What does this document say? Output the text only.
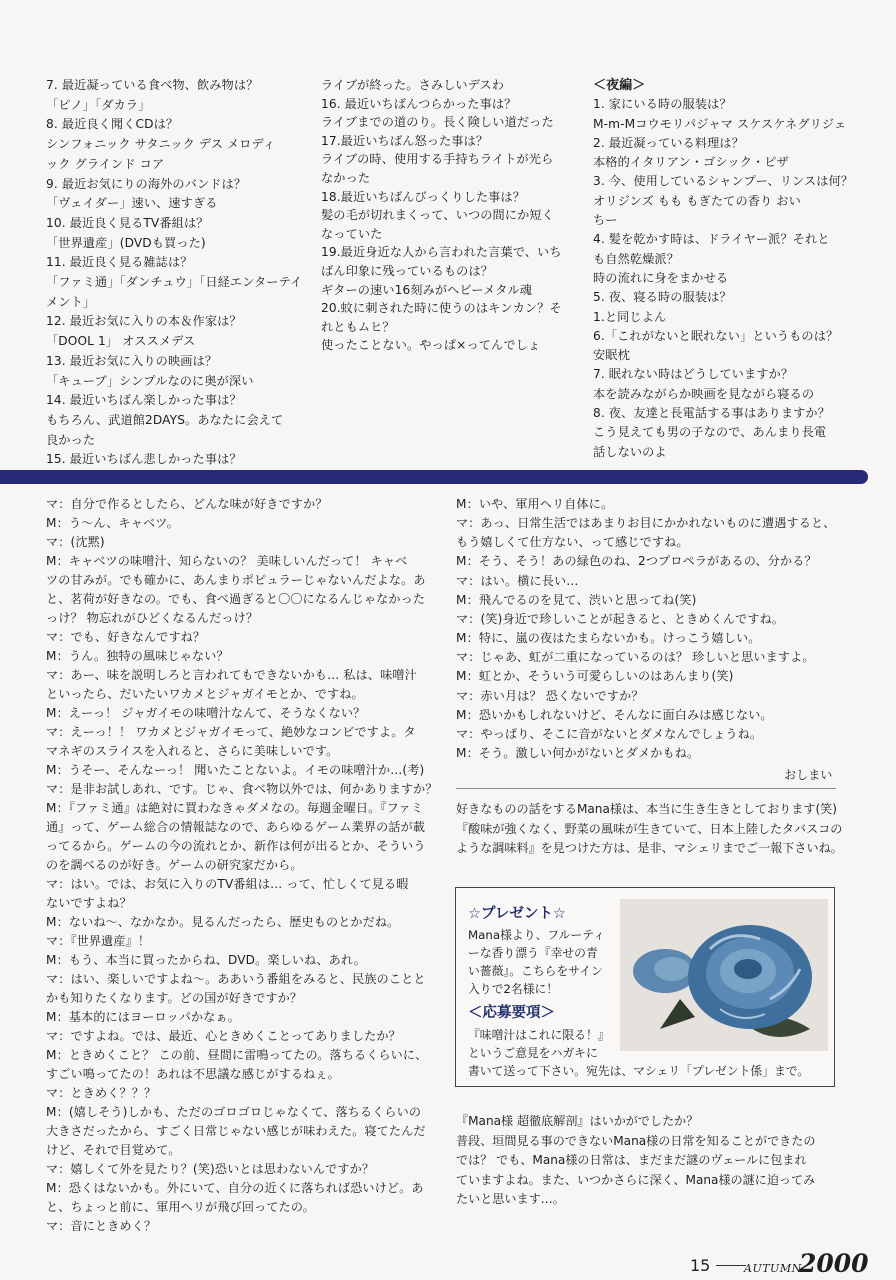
7. 最近凝っている食べ物、飲み物は？
「ピノ」「ダカラ」
8. 最近良く聞くCDは？
シンフォニック サタニック デス メロディ
ック グラインド コア
9. 最近お気にりの海外のバンドは？
「ヴェイダー」速い、速すぎる
10. 最近良く見るTV番組は？
「世界遺産」(DVDも買った)
11. 最近良く見る雑誌は？
「ファミ通」「ダンチュウ」「日経エンターテイ
メント」
12. 最近お気に入りの本＆作家は？
「DOOL 1」 オススメデス
13. 最近お気に入りの映画は？
「キューブ」シンプルなのに奥が深い
14. 最近いちばん楽しかった事は？
もちろん、武道館2DAYS。あなたに会えて
良かった
15. 最近いちばん悲しかった事は？
ライブが終った。さみしいデスわ
16. 最近いちばんつらかった事は？
ライブまでの道のり。長く険しい道だった
17.最近いちばん怒った事は？
ライブの時、使用する手持ちライトが光ら
なかった
18.最近いちばんびっくりした事は？
髪の毛が切れまくって、いつの間にか短く
なっていた
19.最近身近な人から言われた言葉で、いち
ばん印象に残っているものは？
ギターの速い16刻みがヘビーメタル魂
20.蚊に刺された時に使うのはキンカン？そ
れともムヒ？
使ったことない。やっぱ×ってんでしょ
＜夜編＞
1. 家にいる時の服装は？
M-m-Mコウモリパジャマ スケスケネグリジェ
2. 最近凝っている料理は？
本格的イタリアン・ゴシック・ピザ
3. 今、使用しているシャンプー、リンスは何？
オリジンズ もも もぎたての香り おい
ちー
4. 髪を乾かす時は、ドライヤー派？それと
も自然乾燥派？
時の流れに身をまかせる
5. 夜、寝る時の服装は？
1.と同じよん
6.「これがないと眠れない」というものは？
安眠枕
7. 眠れない時はどうしていますか？
本を読みながらか映画を見ながら寝るの
8. 夜、友達と長電話する事はありますか？
こう見えても男の子なので、あんまり長電
話しないのよ
マ：自分で作るとしたら、どんな味が好きですか？
M：う〜ん、キャベツ。
マ：(沈黙)
M：キャベツの味噌汁、知らないの？ 美味しいんだって！ キャベ
ツの甘みが。でも確かに、あんまりポピュラーじゃないんだよな。あ
と、茗荷が好きなの。でも、食べ過ぎると〇〇になるんじゃなかった
っけ？ 物忘れがひどくなるんだっけ？
マ：でも、好きなんですね？
M：うん。独特の風味じゃない？
マ：あー、味を説明しろと言われてもできないかも… 私は、味噌汁
といったら、だいたいワカメとジャガイモとか、ですね。
M：えーっ！ ジャガイモの味噌汁なんて、そうなくない？
マ：えーっ！！ ワカメとジャガイモって、絶妙なコンビですよ。タ
マネギのスライスを入れると、さらに美味しいです。
M：うそー、そんなーっ！ 聞いたことないよ。イモの味噌汁か…(考)
マ：是非お試しあれ、です。じゃ、食べ物以外では、何かありますか？
M：『ファミ通』は絶対に買わなきゃダメなの。毎週金曜日。『ファミ
通』って、ゲーム総合の情報誌なので、あらゆるゲーム業界の話が載
ってるから。ゲームの今の流れとか、新作は何が出るとか、そういう
のを調べるのが好き。ゲームの研究家だから。
マ：はい。では、お気に入りのTV番組は… って、忙しくて見る暇
ないですよね？
M：ないね〜、なかなか。見るんだったら、歴史ものとかだね。
マ：『世界遺産』！
M：もう、本当に買ったからね、DVD。楽しいね、あれ。
マ：はい、楽しいですよね〜。ああいう番組をみると、民族のことと
かも知りたくなります。どの国が好きですか？
M：基本的にはヨーロッパかなぁ。
マ：ですよね。では、最近、心ときめくことってありましたか？
M：ときめくこと？ この前、昼間に雷鳴ってたの。落ちるくらいに、
すごい鳴ってたの！あれは不思議な感じがするねぇ。
マ：ときめく？？？
M：(嬉しそう)しかも、ただのゴロゴロじゃなくて、落ちるくらいの
大きさだったから、すごく日常じゃない感じが味わえた。寝てたんだ
けど、それで目覚めて。
マ：嬉しくて外を見たり？(笑)恐いとは思わないんですか？
M：恐くはないかも。外にいて、自分の近くに落ちれば恐いけど。あ
と、ちょっと前に、軍用ヘリが飛び回ってたの。
マ：音にときめく？
M：いや、軍用ヘリ自体に。
マ：あっ、日常生活ではあまりお目にかかれないものに遭遇すると、
もう嬉しくて仕方ない、って感じですね。
M：そう、そう！あの緑色のね、2つプロペラがあるの、分かる？
マ：はい。横に長い…
M：飛んでるのを見て、渋いと思ってね(笑)
マ：(笑)身近で珍しいことが起きると、ときめくんですね。
M：特に、嵐の夜はたまらないかも。けっこう嬉しい。
マ：じゃあ、虹が二重になっているのは？ 珍しいと思いますよ。
M：虹とか、そういう可愛らしいのはあんまり(笑)
マ：赤い月は？ 恐くないですか？
M：恐いかもしれないけど、そんなに面白みは感じない。
マ：やっぱり、そこに音がないとダメなんでしょうね。
M：そう。激しい何かがないとダメかもね。
おしまい
好きなものの話をするMana様は、本当に生き生きとしております(笑)
『酸味が強くなく、野菜の風味が生きていて、日本上陸したタバスコの
ような調味料』を見つけた方は、是非、マシェリまでご一報下さいね。
☆プレゼント☆
Mana様より、フルーティ
ーな香り漂う『幸せの青
い薔薇』。こちらをサイン
入りで2名様に！
＜応募要項＞
『味噌汁はこれに限る！』
というご意見をハガキに
書いて送って下さい。宛先は、マシェリ「プレゼント係」まで。
『Mana様 超徹底解剖』はいかがでしたか？
普段、垣間見る事のできないMana様の日常を知ることができたの
では？ でも、Mana様の日常は、まだまだ謎のヴェールに包まれ
ていますよね。また、いつかさらに深く、Mana様の謎に迫ってみ
たいと思います…。
15	AUTUMN
2000
